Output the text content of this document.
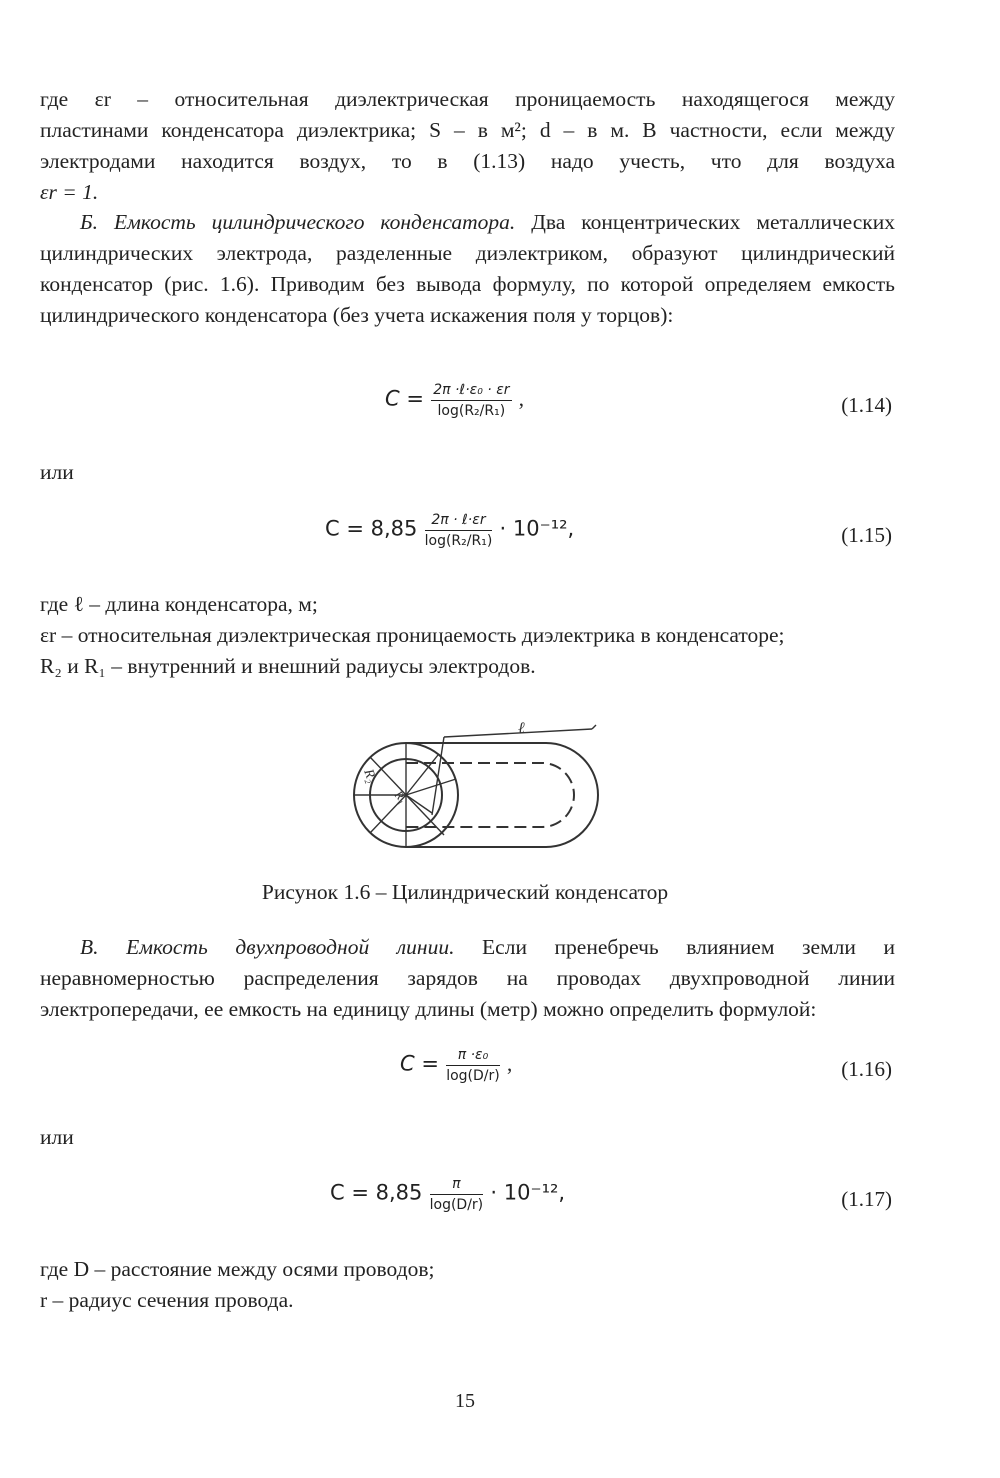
где εr – относительная диэлектрическая проницаемость находящегося между
пластинами конденсатора диэлектрика; S – в м²; d – в м. В частности, если между
электродами находится воздух, то в (1.13) надо учесть, что для воздуха
εr = 1.

Б. Емкость цилиндрического конденсатора. Два концентрических металлических цилиндрических электрода, разделенные диэлектриком, образуют цилиндрический конденсатор (рис. 1.6). Приводим без вывода формулу, по которой определяем емкость цилиндрического конденсатора (без учета искажения поля у торцов):

$C = \frac{\text{2π ·ℓ·ε₀ · εr}}{\text{log(R₂/R₁)}}$ ,	(1.14)
или
$C = 8,85 \frac{\text{2π · ℓ·εr}}{\text{log(R₂/R₁)}} \cdot 10^{-12}$,	(1.15)
где ℓ – длина конденсатора, м;
εr – относительная диэлектрическая проницаемость диэлектрика в конденсаторе;
R₂ и R₁ – внутренний и внешний радиусы электродов.
ℓ
R₂
R₁
Рисунок 1.6 – Цилиндрический конденсатор

В. Емкость двухпроводной линии. Если пренебречь влиянием земли и неравномерностью распределения зарядов на проводах двухпроводной линии электропередачи, ее емкость на единицу длины (метр) можно определить формулой:

$C = \frac{\text{π ·ε₀}}{\log(D/r)}$ ,	(1.16)
или
$C = 8,85 \frac{\pi}{\log(D/r)} \cdot 10^{-12}$,	(1.17)
где D – расстояние между осями проводов;
r – радиус сечения провода.
15
